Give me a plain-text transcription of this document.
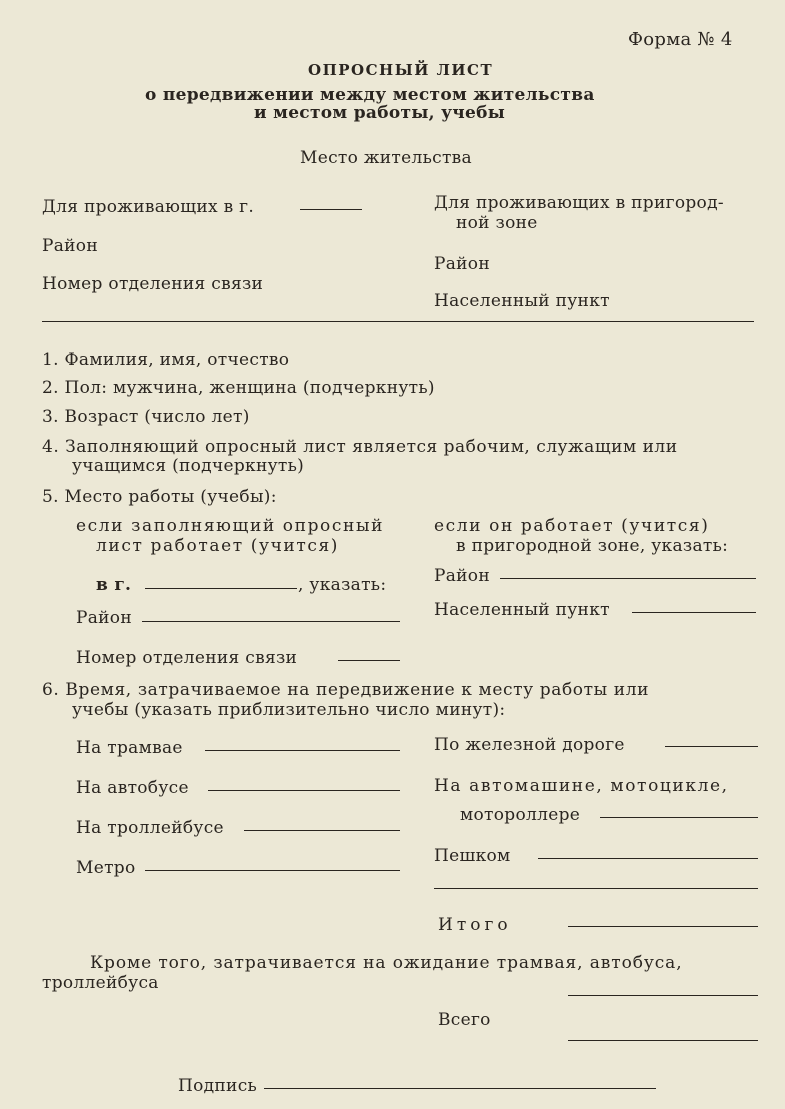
Форма № 4
ОПРОСНЫЙ ЛИСТ
о передвижении между местом жительства
и местом работы, учебы
Место жительства
Для проживающих в г.
Район
Номер отделения связи
Для проживающих в пригород-
ной зоне
Район
Населенный пункт
1. Фамилия, имя, отчество
2. Пол: мужчина, женщина (подчеркнуть)
3. Возраст (число лет)
4. Заполняющий опросный лист является рабочим, служащим или
учащимся (подчеркнуть)
5. Место работы (учебы):
если заполняющий опросный
лист работает (учится)
в г.	, указать:
Район
Номер отделения связи
если он работает (учится)
в пригородной зоне, указать:
Район
Населенный пункт
6. Время, затрачиваемое на передвижение к месту работы или
учебы (указать приблизительно число минут):
На трамвае
На автобусе
На троллейбусе
Метро
По железной дороге
На автомашине, мотоцикле,
мотороллере
Пешком
Итого
Кроме того, затрачивается на ожидание трамвая, автобуса,
троллейбуса
Всего
Подпись
